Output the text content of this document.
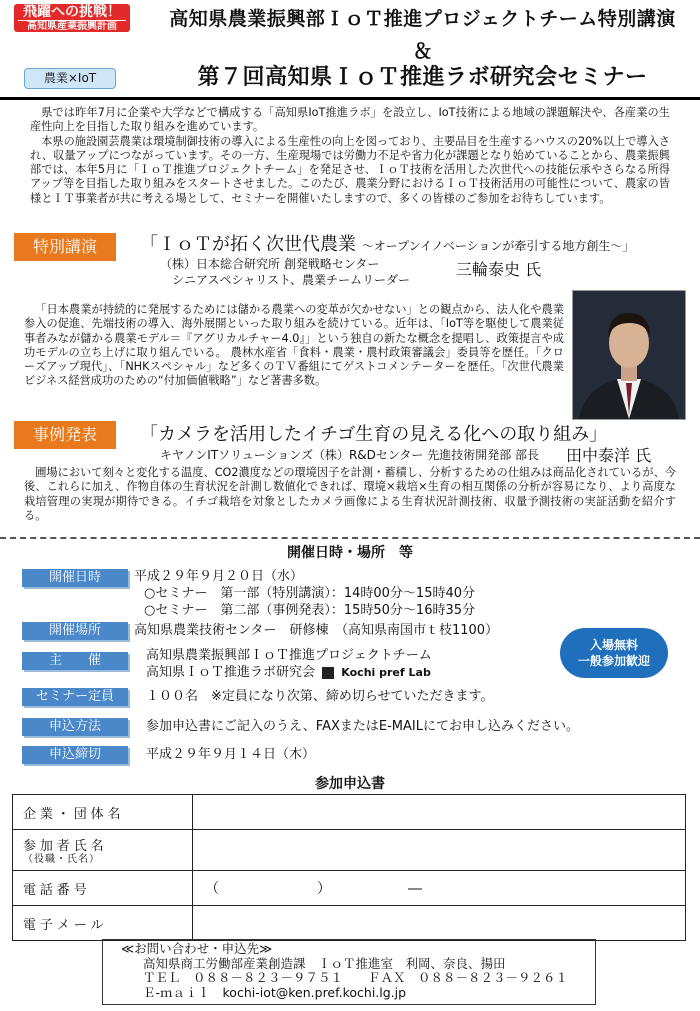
飛躍への挑戦！
高知県産業振興計画
農業×IoT
高知県農業振興部ＩｏＴ推進プロジェクトチーム特別講演
＆
第７回高知県ＩｏＴ推進ラボ研究会セミナー

県では昨年7月に企業や大学などで構成する「高知県IoT推進ラボ」を設立し、IoT技術による地域の課題解決や、各産業の生産性向上を目指した取り組みを進めています。

本県の施設園芸農業は環境制御技術の導入による生産性の向上を図っており、主要品目を生産するハウスの20%以上で導入され、収量アップにつながっています。その一方、生産現場では労働力不足や省力化が課題となり始めていることから、農業振興部では、本年5月に「ＩｏＴ推進プロジェクトチーム」を発足させ、ＩｏＴ技術を活用した次世代への技能伝承やさらなる所得アップ等を目指した取り組みをスタートさせました。このたび、農業分野におけるＩｏＴ技術活用の可能性について、農家の皆様とＩＴ事業者が共に考える場として、セミナーを開催いたしますので、多くの皆様のご参加をお待ちしています。

特別講演	「ＩｏＴが拓く次世代農業 ～オープンイノベーションが牽引する地方創生～」
（株）日本総合研究所 創発戦略センター
シニアスペシャリスト、農業チームリーダー
三輪泰史 氏
「日本農業が持続的に発展するためには儲かる農業への変革が欠かせない」との観点から、法人化や農業参入の促進、先端技術の導入、海外展開といった取り組みを続けている。近年は、「IoT等を駆使して農業従事者みなが儲かる農業モデル＝『アグリカルチャー4.0』」という独自の新たな概念を提唱し、政策提言や成功モデルの立ち上げに取り組んでいる。 農林水産省「食料・農業・農村政策審議会」委員等を歴任。「クローズアップ現代」、「NHKスペシャル」など多くのＴＶ番組にてゲストコメンテーターを歴任。「次世代農業ビジネス経営成功のための“付加価値戦略”」など著書多数。
事例発表	「カメラを活用したイチゴ生育の見える化への取り組み」
キヤノンITソリューションズ（株）R&Dセンター 先進技術開発部 部長 田中泰洋 氏
圃場において刻々と変化する温度、CO2濃度などの環境因子を計測・蓄積し、分析するための仕組みは商品化されているが、今後、これらに加え、作物自体の生育状況を計測し数値化できれば、環境×栽培×生育の相互関係の分析が容易になり、より高度な栽培管理の実現が期待できる。イチゴ栽培を対象としたカメラ画像による生育状況計測技術、収量予測技術の実証活動を紹介する。
開催日時・場所　等
開催日時	平成２９年９月２０日（水）
○セミナー　第一部（特別講演）：14時00分～15時40分
○セミナー　第二部（事例発表）：15時50分～16時35分
開催場所	高知県農業技術センター　研修棟　（高知県南国市ｔ枝1100）
主　　催	高知県農業振興部ＩｏＴ推進プロジェクトチーム
高知県ＩｏＴ推進ラボ研究会 Kochi pref Lab
入場無料
一般参加歓迎
セミナー定員	１００名　※定員になり次第、締め切らせていただきます。
申込方法	参加申込書にご記入のうえ、FAXまたはE-MAILにてお申し込みください。
申込締切	平成２９年９月１４日（木）
参加申込書
企業・団体名	
参加者氏名
（役職・氏名）	

電話番号	（　　　　　　　）　　　　　　―
電子メール	
≪お問い合わせ・申込先≫
高知県商工労働部産業創造課　ＩｏＴ推進室　利岡、奈良、揚田
ＴＥＬ　０８８－８２３－９７５１　　ＦＡＸ　０８８－８２３－９２６１
Ｅ-ｍａｉｌ　kochi-iot@ken.pref.kochi.lg.jp
